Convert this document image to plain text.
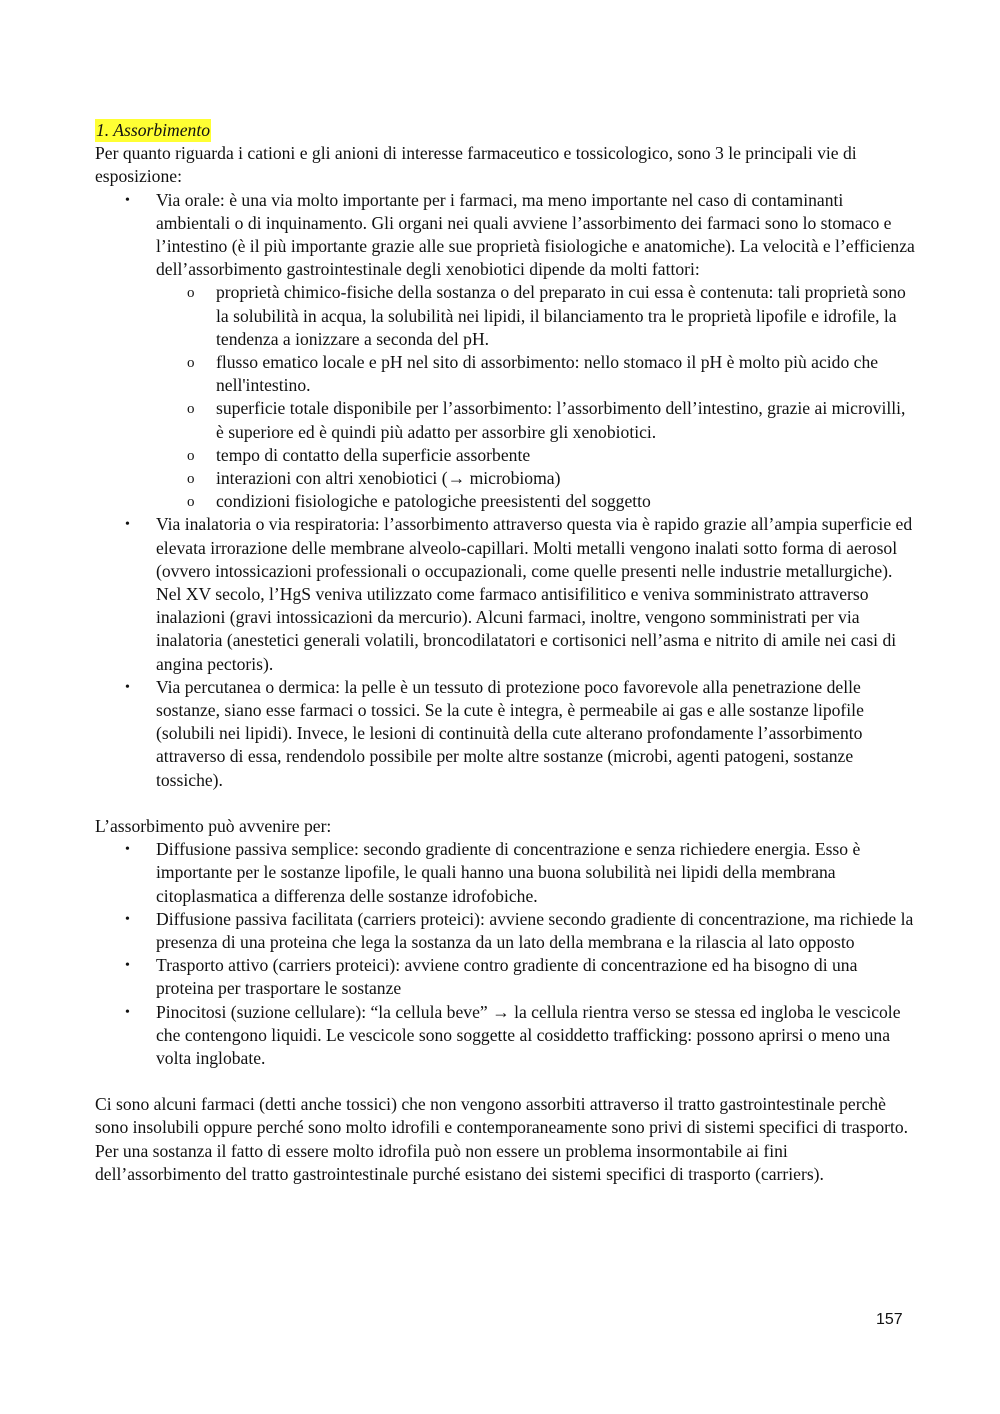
1. Assorbimento

Per quanto riguarda i cationi e gli anioni di interesse farmaceutico e tossicologico, sono 3 le principali vie di esposizione:

• Via orale: è una via molto importante per i farmaci, ma meno importante nel caso di contaminanti ambientali o di inquinamento. Gli organi nei quali avviene l’assorbimento dei farmaci sono lo stomaco e l’intestino (è il più importante grazie alle sue proprietà fisiologiche e anatomiche). La velocità e l’efficienza dell’assorbimento gastrointestinale degli xenobiotici dipende da molti fattori:
o proprietà chimico-fisiche della sostanza o del preparato in cui essa è contenuta: tali proprietà sono la solubilità in acqua, la solubilità nei lipidi, il bilanciamento tra le proprietà lipofile e idrofile, la tendenza a ionizzare a seconda del pH.
o flusso ematico locale e pH nel sito di assorbimento: nello stomaco il pH è molto più acido che nell'intestino.
o superficie totale disponibile per l’assorbimento: l’assorbimento dell’intestino, grazie ai microvilli, è superiore ed è quindi più adatto per assorbire gli xenobiotici.
o tempo di contatto della superficie assorbente
o interazioni con altri xenobiotici (→ microbioma)
o condizioni fisiologiche e patologiche preesistenti del soggetto
• Via inalatoria o via respiratoria: l’assorbimento attraverso questa via è rapido grazie all’ampia superficie ed elevata irrorazione delle membrane alveolo-capillari. Molti metalli vengono inalati sotto forma di aerosol (ovvero intossicazioni professionali o occupazionali, come quelle presenti nelle industrie metallurgiche). Nel XV secolo, l’HgS veniva utilizzato come farmaco antisifilitico e veniva somministrato attraverso inalazioni (gravi intossicazioni da mercurio). Alcuni farmaci, inoltre, vengono somministrati per via inalatoria (anestetici generali volatili, broncodilatatori e cortisonici nell’asma e nitrito di amile nei casi di angina pectoris).
• Via percutanea o dermica: la pelle è un tessuto di protezione poco favorevole alla penetrazione delle sostanze, siano esse farmaci o tossici. Se la cute è integra, è permeabile ai gas e alle sostanze lipofile (solubili nei lipidi). Invece, le lesioni di continuità della cute alterano profondamente l’assorbimento attraverso di essa, rendendolo possibile per molte altre sostanze (microbi, agenti patogeni, sostanze tossiche).

L’assorbimento può avvenire per:

• Diffusione passiva semplice: secondo gradiente di concentrazione e senza richiedere energia. Esso è importante per le sostanze lipofile, le quali hanno una buona solubilità nei lipidi della membrana citoplasmatica a differenza delle sostanze idrofobiche.
• Diffusione passiva facilitata (carriers proteici): avviene secondo gradiente di concentrazione, ma richiede la presenza di una proteina che lega la sostanza da un lato della membrana e la rilascia al lato opposto
• Trasporto attivo (carriers proteici): avviene contro gradiente di concentrazione ed ha bisogno di una proteina per trasportare le sostanze
• Pinocitosi (suzione cellulare): “la cellula beve” → la cellula rientra verso se stessa ed ingloba le vescicole che contengono liquidi. Le vescicole sono soggette al cosiddetto trafficking: possono aprirsi o meno una volta inglobate.

Ci sono alcuni farmaci (detti anche tossici) che non vengono assorbiti attraverso il tratto gastrointestinale perchè sono insolubili oppure perché sono molto idrofili e contemporaneamente sono privi di sistemi specifici di trasporto. Per una sostanza il fatto di essere molto idrofila può non essere un problema insormontabile ai fini dell’assorbimento del tratto gastrointestinale purché esistano dei sistemi specifici di trasporto (carriers).

157
